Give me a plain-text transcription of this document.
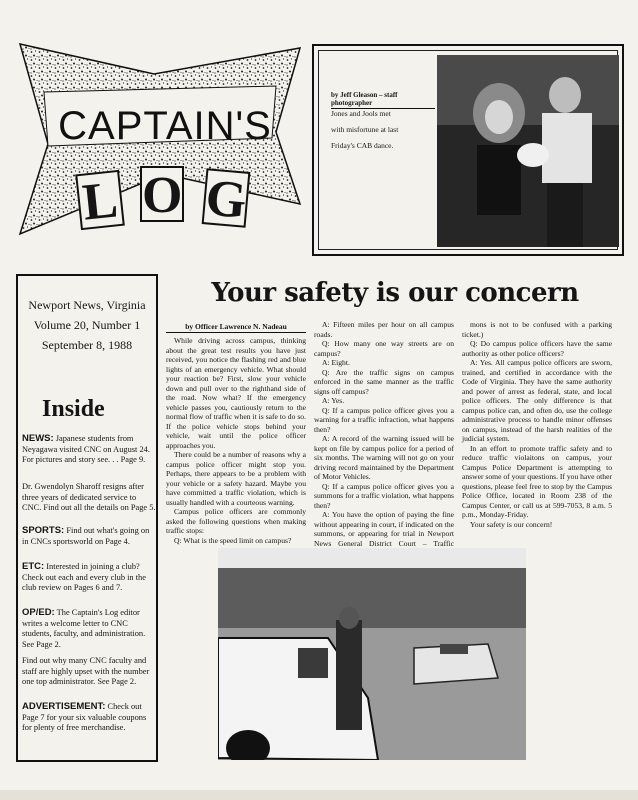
CAPTAIN'S
L O G
by Jeff Gleason – staff photographer
Jones and Jools met
with misfortune at last
Friday's CAB dance.
Newport News, Virginia
Volume 20, Number 1
September 8, 1988
Inside
NEWS: Japanese students from Neyagawa visited CNC on August 24. For pictures and story see. . . Page 9.
Dr. Gwendolyn Sharoff resigns after three years of dedicated service to CNC. Find out all the details on Page 5.
SPORTS: Find out what's going on in CNCs sportsworld on Page 4.
ETC: Interested in joining a club? Check out each and every club in the club review on Pages 6 and 7.
OP/ED: The Captain's Log editor writes a welcome letter to CNC students, faculty, and administration. See Page 2.
Find out why many CNC faculty and staff are highly upset with the number one top administrator. See Page 2.
ADVERTISEMENT: Check out Page 7 for your six valuable coupons for plenty of free merchandise.
Your safety is our concern
by Officer Lawrence N. Nadeau

While driving across campus, thinking about the great test results you have just received, you notice the flashing red and blue lights of an emergency vehicle. What should your reaction be? First, slow your vehicle down and pull over to the righthand side of the road. Now what? If the emergency vehicle passes you, cautiously return to the normal flow of traffic when it is safe to do so. If the police vehicle stops behind your vehicle, wait until the police officer approaches you.

There could be a number of reasons why a campus police officer might stop you. Perhaps, there appears to be a problem with your vehicle or a safety hazard. Maybe you have committed a traffic violation, which is usually handled with a courteous warning.

Campus police officers are commonly asked the following questions when making traffic stops:

Q: What is the speed limit on campus?

A: Fifteen miles per hour on all campus roads.

Q: How many one way streets are on campus?

A: Eight.

Q: Are the traffic signs on campus enforced in the same manner as the traffic signs off campus?

A: Yes.

Q: If a campus police officer gives you a warning for a traffic infraction, what happens then?

A: A record of the warning issued will be kept on file by campus police for a period of six months. The warning will not go on your driving record maintained by the Department of Motor Vehicles.

Q: If a campus police officer gives you a summons for a traffic violation, what happens then?

A: You have the option of paying the fine without appearing in court, if indicated on the summons, or appearing for trial in Newport News General District Court – Traffic

mons is not to be confused with a parking ticket.)

Q: Do campus police officers have the same authority as other police officers?

A: Yes. All campus police officers are sworn, trained, and certified in accordance with the Code of Virginia. They have the same authority and power of arrest as federal, state, and local police officers. The only difference is that campus police can, and often do, use the college administrative process to handle minor offenses on campus, instead of the harsh realities of the judicial system.

In an effort to promote traffic safety and to reduce traffic violaitons on campus, your Campus Police Department is attempting to answer some of your questions. If you have other questions, please feel free to stop by the Campus Police Office, located in Room 238 of the Campus Center, or call us at 599-7053, 8 a.m. 5 p.m., Monday-Friday.

Your safety is our concern!
